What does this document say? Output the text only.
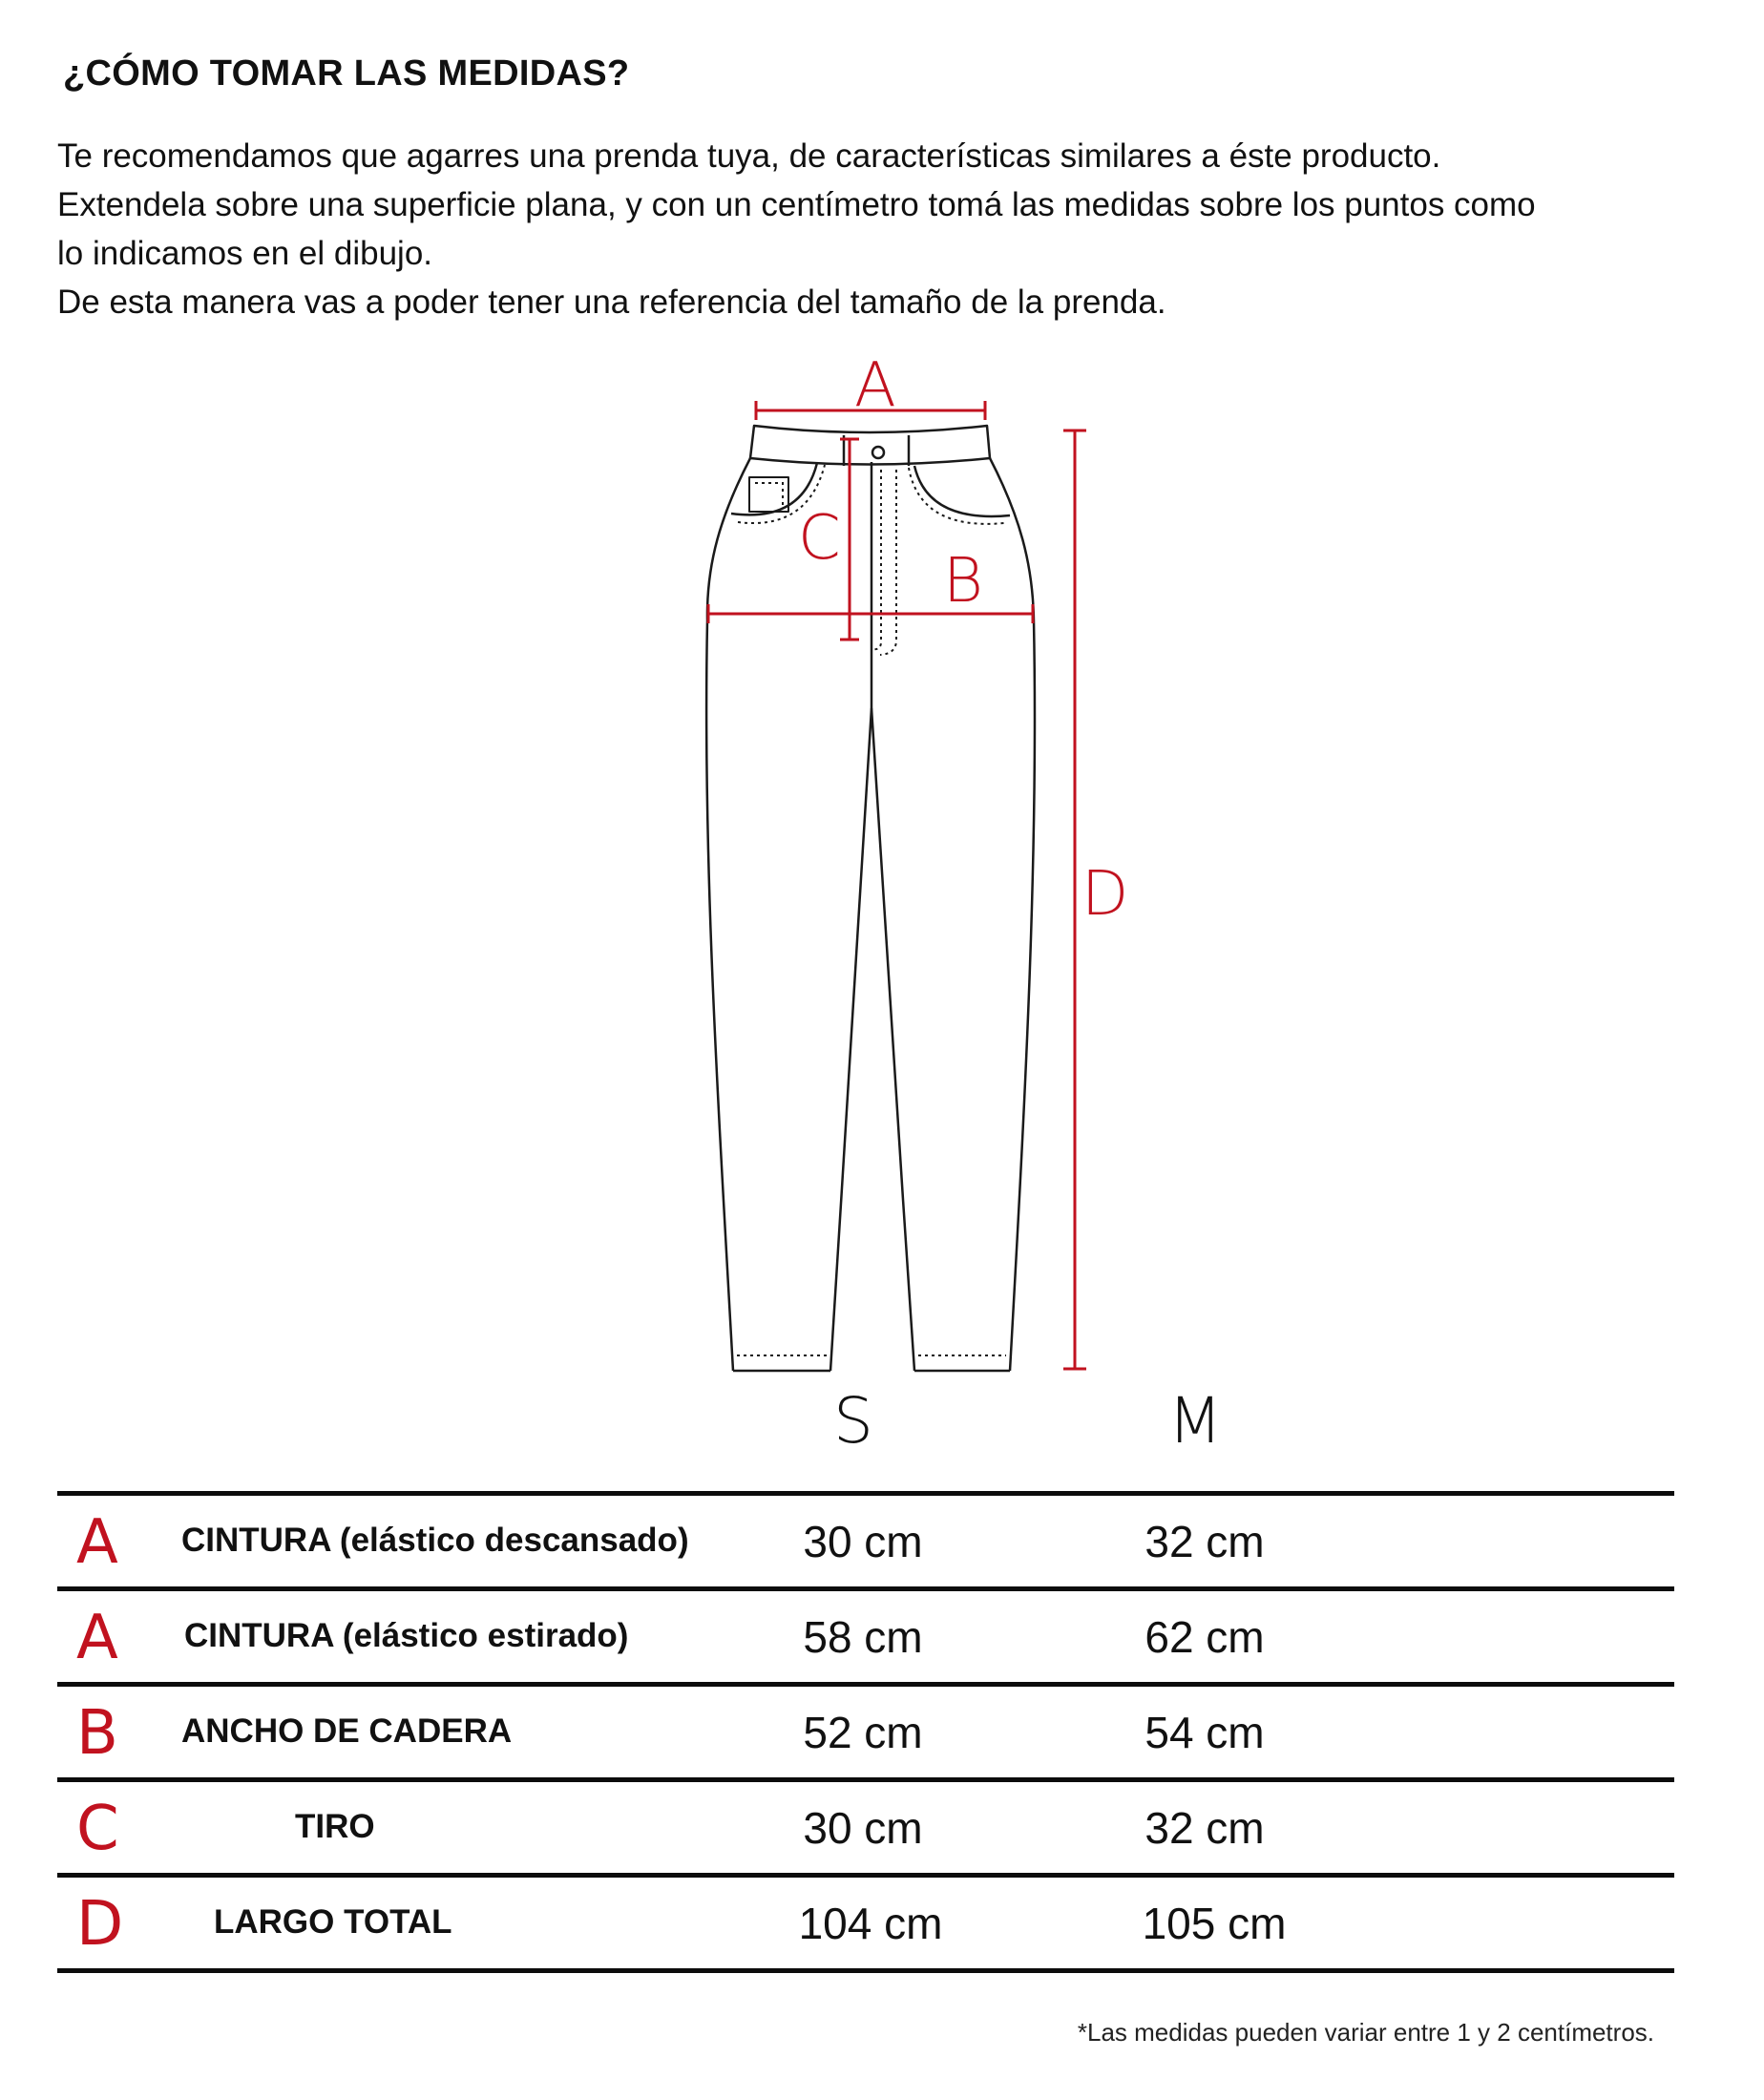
¿CÓMO TOMAR LAS MEDIDAS?

Te recomendamos que agarres una prenda tuya, de características similares a éste producto.

Extendela sobre una superficie plana, y con un centímetro tomá las medidas sobre los puntos como

lo indicamos en el dibujo.

De esta manera vas a poder tener una referencia del tamaño de la prenda.

A
C
B
D
S	M
A CINTURA (elástico descansado)	30 cm	32 cm
A CINTURA (elástico estirado)	58 cm	62 cm
B ANCHO DE CADERA	52 cm	54 cm
C	TIRO	30 cm	32 cm
D	LARGO TOTAL	104 cm	105 cm
*Las medidas pueden variar entre 1 y 2 centímetros.
